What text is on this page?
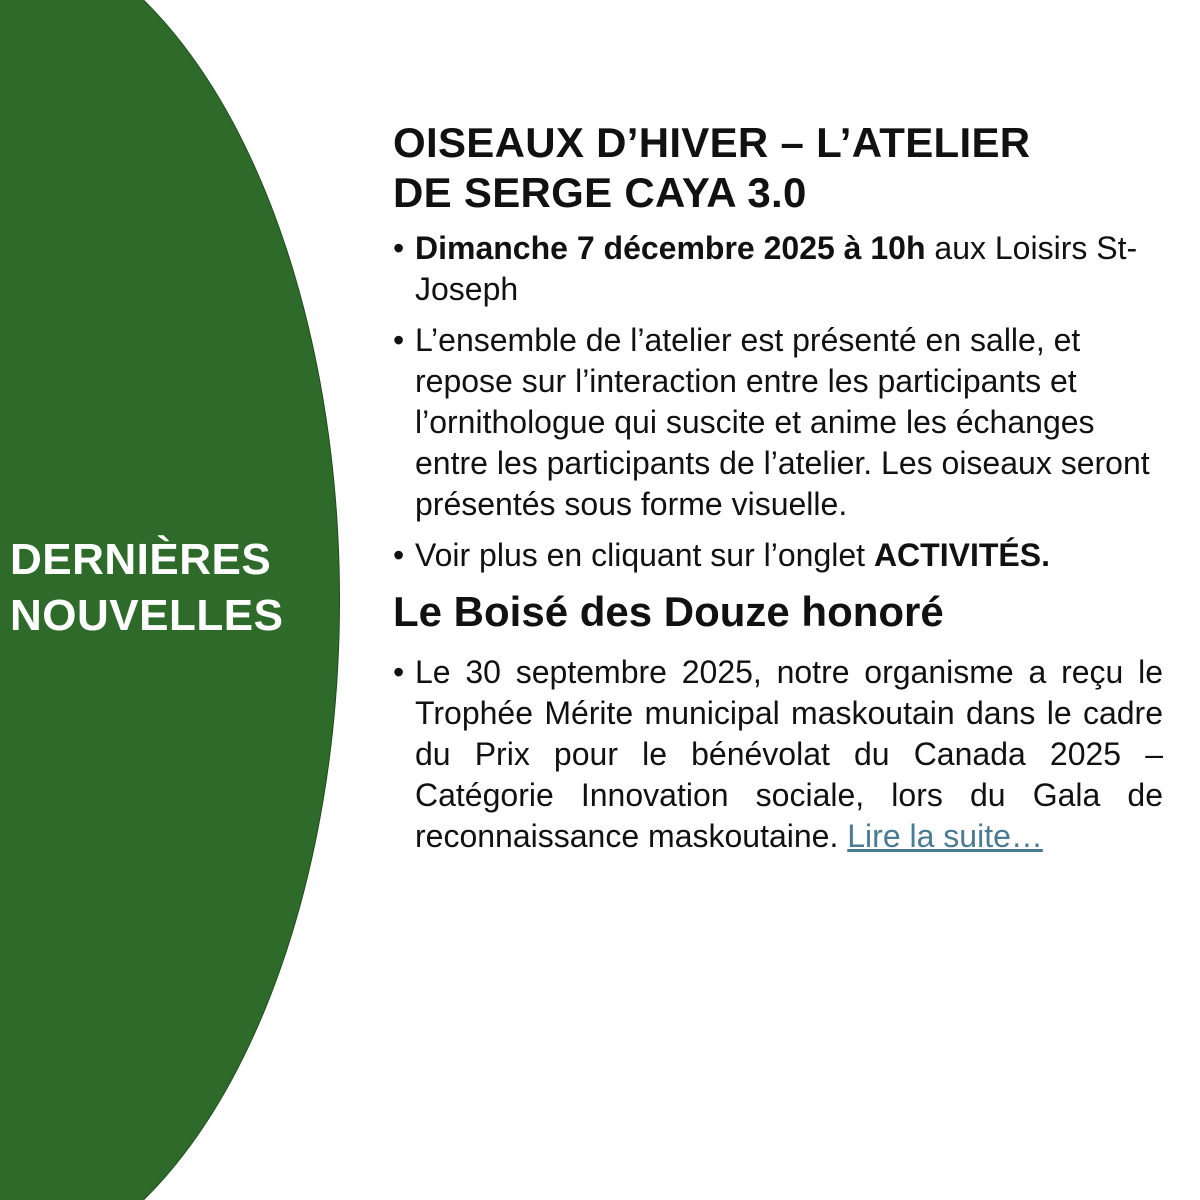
DERNIÈRES
NOUVELLES
OISEAUX D’HIVER – L’ATELIER
DE SERGE CAYA 3.0
• Dimanche 7 décembre 2025 à 10h aux Loisirs St-Joseph
• L’ensemble de l’atelier est présenté en salle, et repose sur l’interaction entre les participants et l’ornithologue qui suscite et anime les échanges entre les participants de l’atelier. Les oiseaux seront présentés sous forme visuelle.
• Voir plus en cliquant sur l’onglet ACTIVITÉS.
Le Boisé des Douze honoré
• Le 30 septembre 2025, notre organisme a reçu le Trophée Mérite municipal maskoutain dans le cadre du Prix pour le bénévolat du Canada 2025 – Catégorie Innovation sociale, lors du Gala de reconnaissance maskoutaine. Lire la suite…
